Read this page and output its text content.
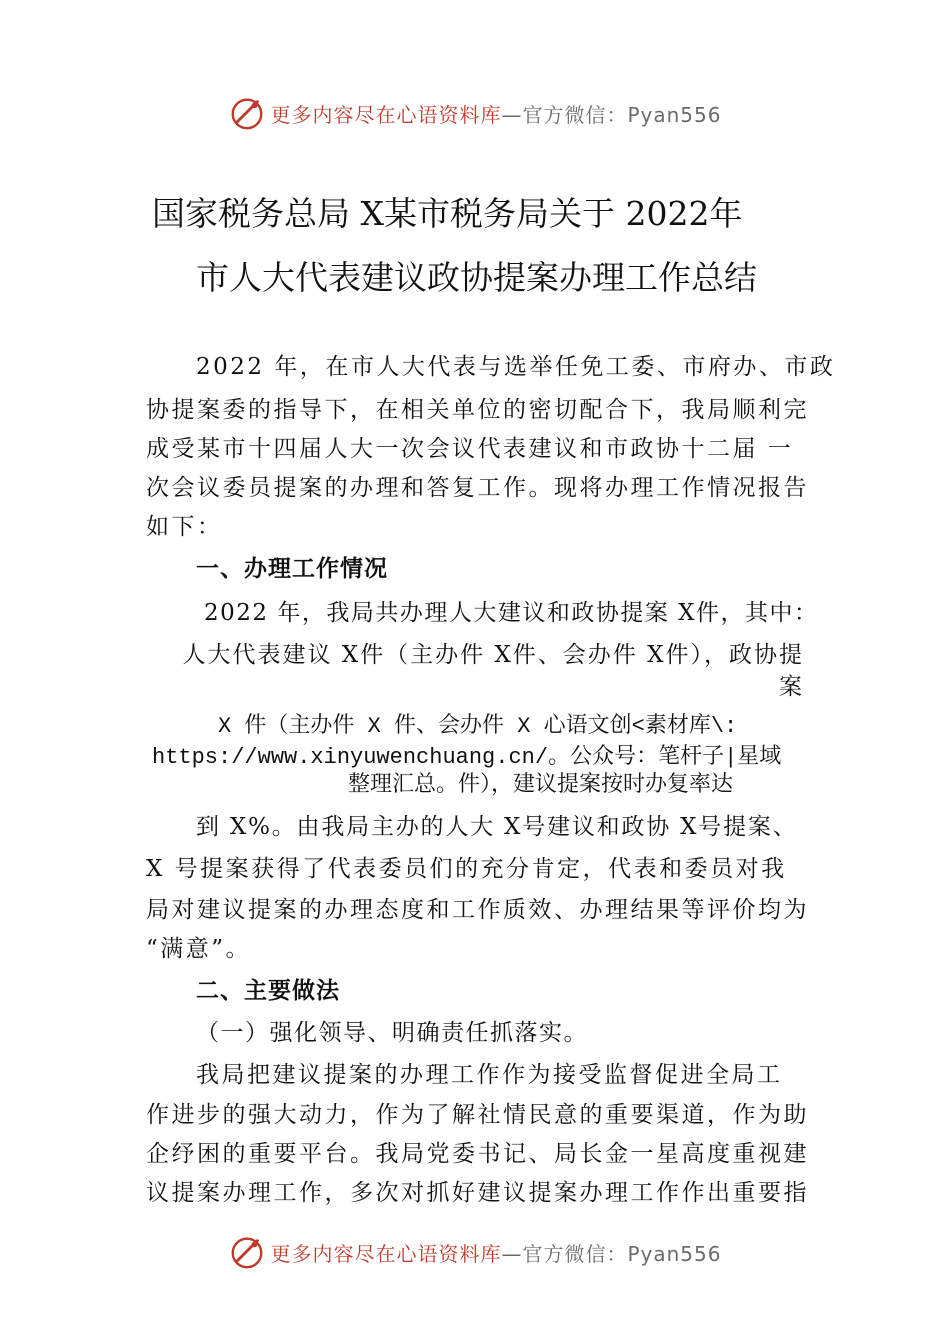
更多内容尽在心语资料库—官方微信：Pyan556
国家税务总局 X某市税务局关于 2022年
市人大代表建议政协提案办理工作总结
2022 年，在市人大代表与选举任免工委、市府办、市政
协提案委的指导下，在相关单位的密切配合下，我局顺利完
成受某市十四届人大一次会议代表建议和市政协十二届 一
次会议委员提案的办理和答复工作。现将办理工作情况报告
如下：
一、办理工作情况
2022 年，我局共办理人大建议和政协提案 X件，其中：
人大代表建议 X件（主办件 X件、会办件 X件），政协提
案
X 件（主办件 X 件、会办件 X 心语文创<素材库\:
https://www.xinyuwenchuang.cn/。公众号：笔杆子|星域
整理汇总。件），建议提案按时办复率达
到 X%。由我局主办的人大 X号建议和政协 X号提案、
X 号提案获得了代表委员们的充分肯定，代表和委员对我
局对建议提案的办理态度和工作质效、办理结果等评价均为
“满意”。
二、主要做法
（一）强化领导、明确责任抓落实。
我局把建议提案的办理工作作为接受监督促进全局工
作进步的强大动力，作为了解社情民意的重要渠道，作为助
企纾困的重要平台。我局党委书记、局长金一星高度重视建
议提案办理工作，多次对抓好建议提案办理工作作出重要指
更多内容尽在心语资料库—官方微信：Pyan556
